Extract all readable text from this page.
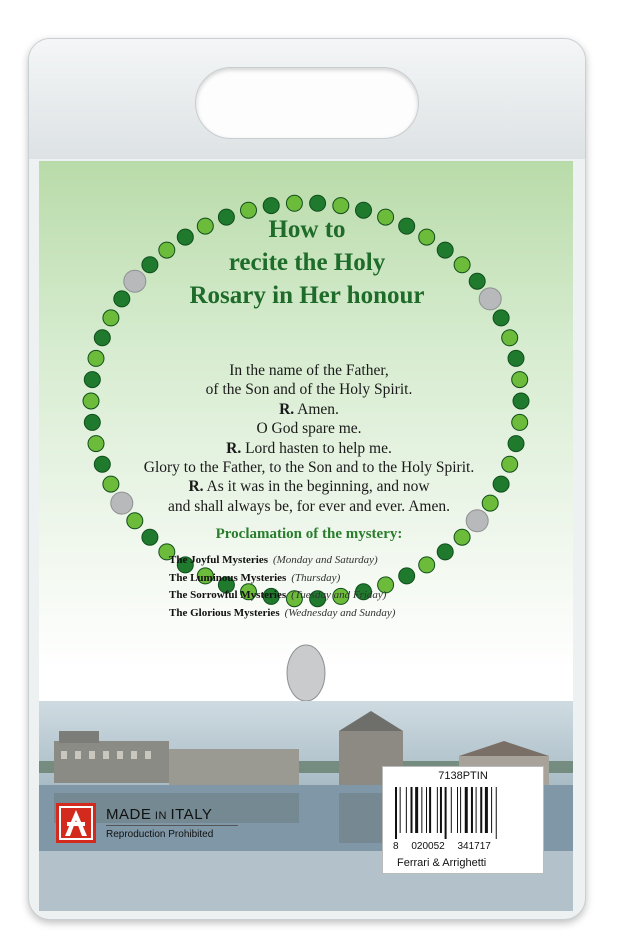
How to
recite the Holy
Rosary in Her honour
In the name of the Father,
of the Son and of the Holy Spirit.
R. Amen.
O God spare me.
R. Lord hasten to help me.
Glory to the Father, to the Son and to the Holy Spirit.
R. As it was in the beginning, and now
and shall always be, for ever and ever. Amen.
Proclamation of the mystery:
The Joyful Mysteries (Monday and Saturday)
The Luminous Mysteries (Thursday)
The Sorrowful Mysteries (Tuesday and Friday)
The Glorious Mysteries (Wednesday and Sunday)
MADE IN ITALY
Reproduction Prohibited
7138PTIN
8 020052 341717
Ferrari & Arrighetti
